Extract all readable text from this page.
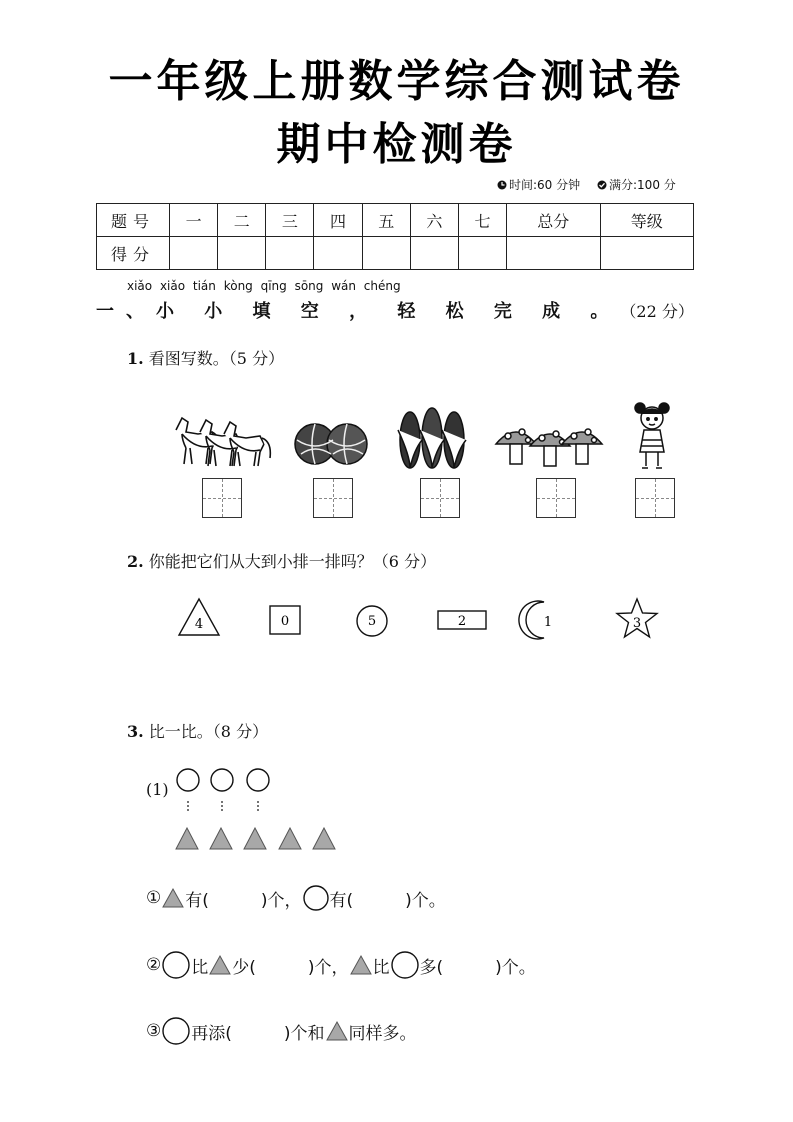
一年级上册数学综合测试卷
期中检测卷
时间:60 分钟 满分:100 分
题号	一	二	三	四	五	六	七	总分	等级
得分									
xiǎo xiǎo tián kòng qīng sōng wán chéng
一、小 小 填 空 ， 轻 松 完 成 。 （22 分）
1. 看图写数。（5 分）
2. 你能把它们从大到小排一排吗？（6 分）
4	0	5	2	1	3
3. 比一比。（8 分）
(1)
① 有(	)个， 有(	)个。
② 比 少(	)个， 比 多(	)个。
③ 再添(	)个和 同样多。
